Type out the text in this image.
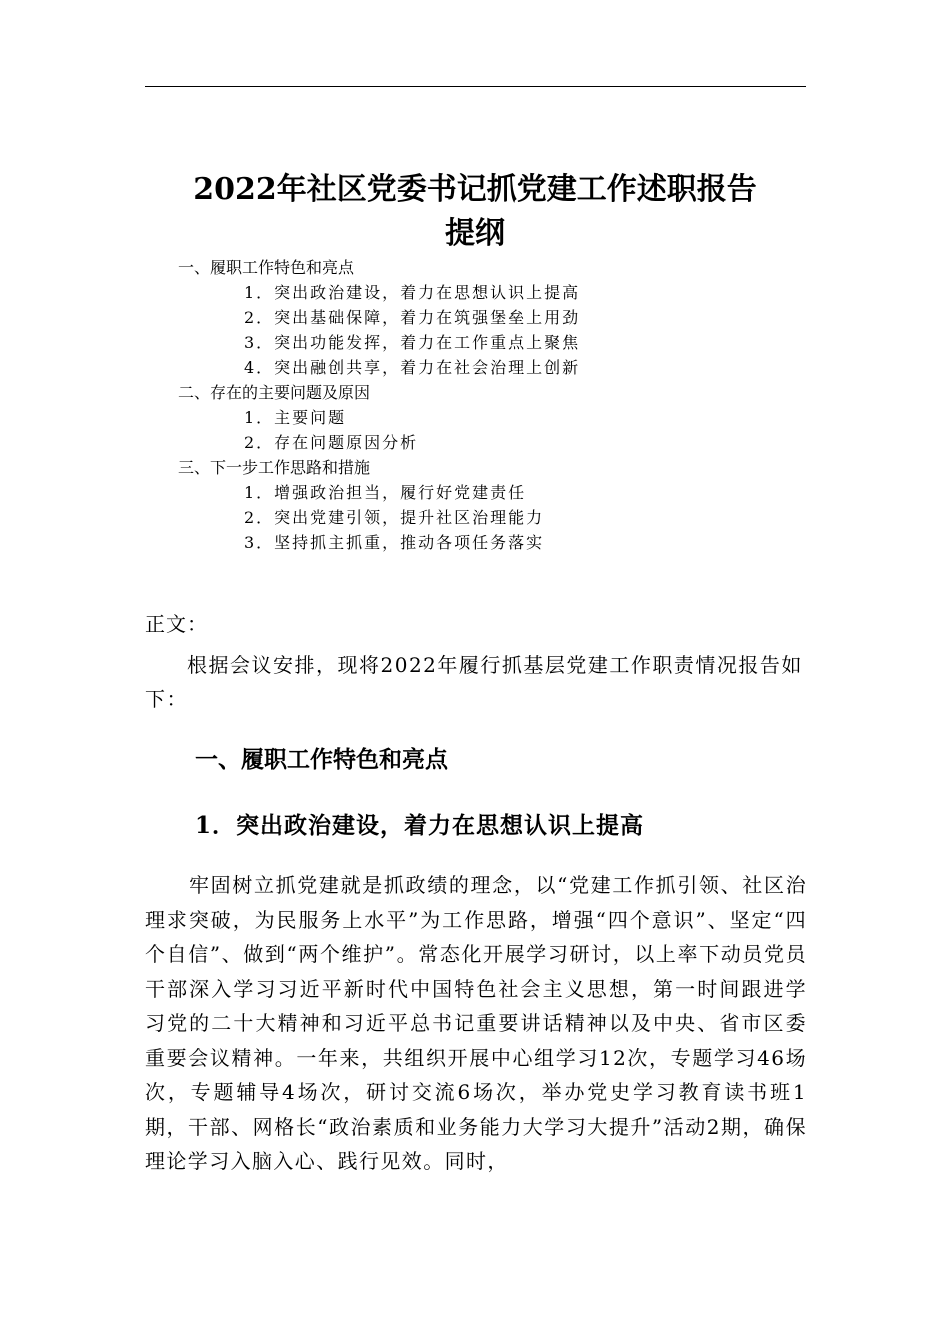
2022年社区党委书记抓党建工作述职报告
提纲
一、履职工作特色和亮点
1．突出政治建设，着力在思想认识上提高
2．突出基础保障，着力在筑强堡垒上用劲
3．突出功能发挥，着力在工作重点上聚焦
4．突出融创共享，着力在社会治理上创新
二、存在的主要问题及原因
1．主要问题
2．存在问题原因分析
三、下一步工作思路和措施
1．增强政治担当，履行好党建责任
2．突出党建引领，提升社区治理能力
3．坚持抓主抓重，推动各项任务落实
正文：
根据会议安排，现将2022年履行抓基层党建工作职责情况报告如下：
一、履职工作特色和亮点
1．突出政治建设，着力在思想认识上提高
牢固树立抓党建就是抓政绩的理念，以“党建工作抓引领、社区治理求突破，为民服务上水平”为工作思路，增强“四个意识”、坚定“四个自信”、做到“两个维护”。常态化开展学习研讨，以上率下动员党员干部深入学习习近平新时代中国特色社会主义思想，第一时间跟进学习党的二十大精神和习近平总书记重要讲话精神以及中央、省市区委重要会议精神。一年来，共组织开展中心组学习12次，专题学习46场次，专题辅导4场次，研讨交流6场次，举办党史学习教育读书班1期，干部、网格长“政治素质和业务能力大学习大提升”活动2期，确保理论学习入脑入心、践行见效。同时，
